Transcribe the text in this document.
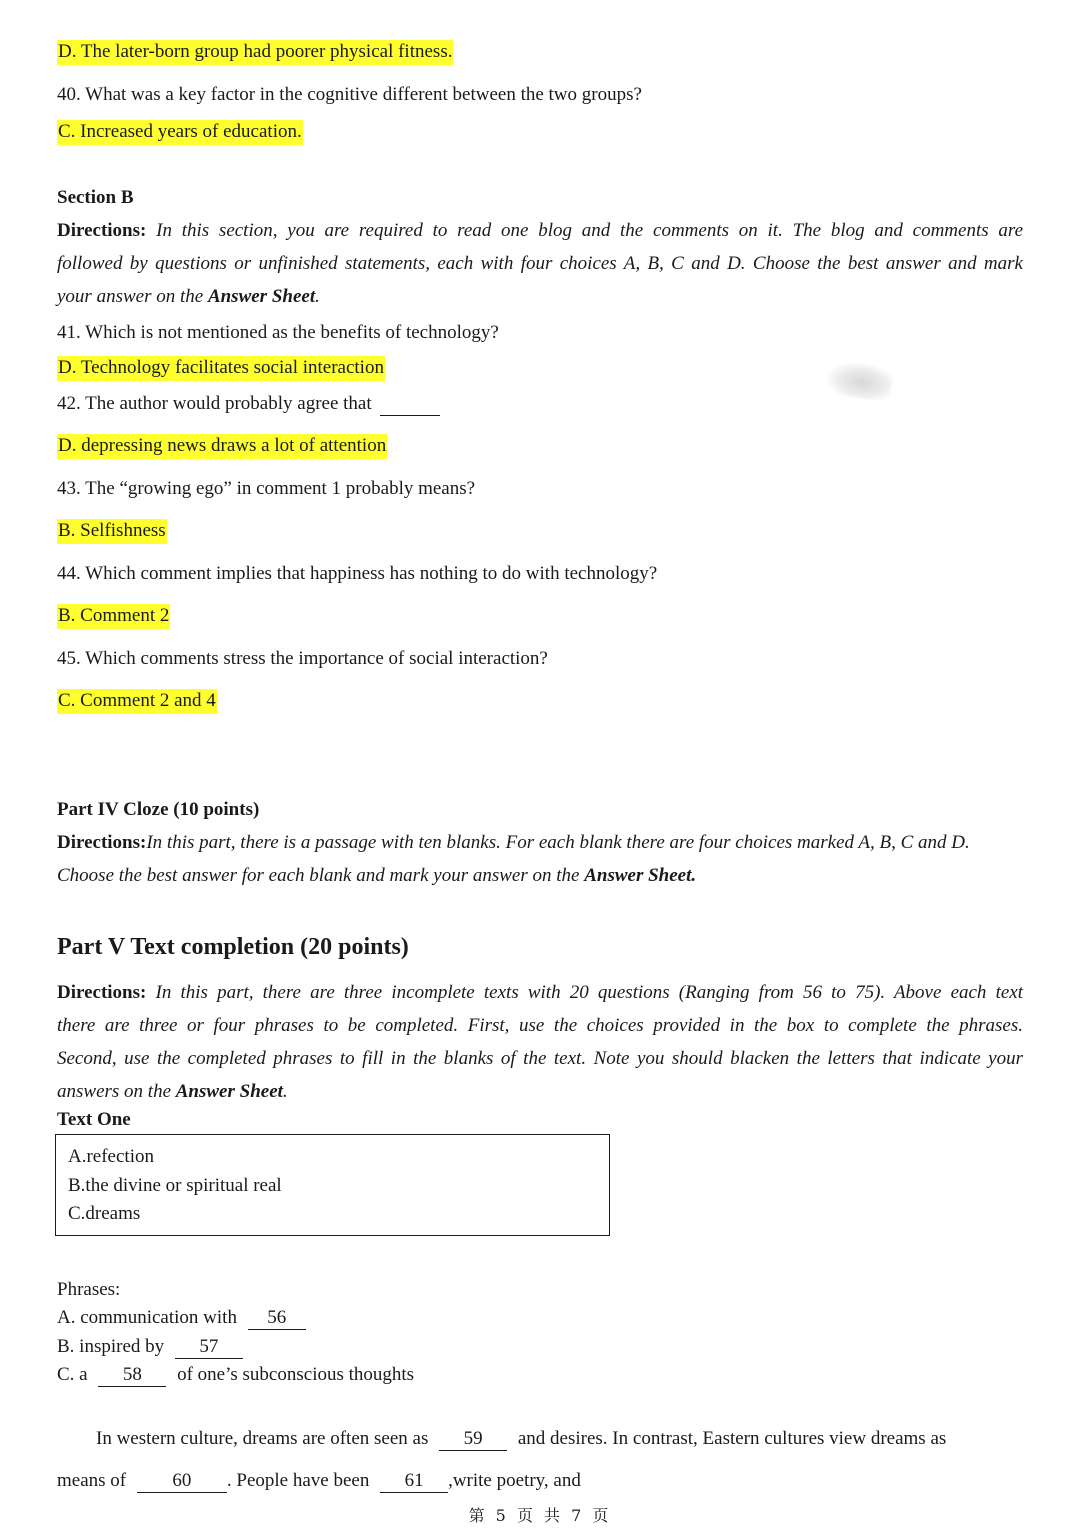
D. The later-born group had poorer physical fitness.
40. What was a key factor in the cognitive different between the two groups?
C. Increased years of education.
Section B
Directions: In this section, you are required to read one blog and the comments on it. The blog and comments are
followed by questions or unfinished statements, each with four choices A, B, C and D. Choose the best answer and mark
your answer on the Answer Sheet.
41. Which is not mentioned as the benefits of technology?
D. Technology facilitates social interaction
42. The author would probably agree that
D. depressing news draws a lot of attention
43. The “growing ego” in comment 1 probably means?
B. Selfishness
44. Which comment implies that happiness has nothing to do with technology?
B. Comment 2
45. Which comments stress the importance of social interaction?
C. Comment 2 and 4
Part IV Cloze (10 points)
Directions:In this part, there is a passage with ten blanks. For each blank there are four choices marked A, B, C and D.
Choose the best answer for each blank and mark your answer on the Answer Sheet.
Part V Text completion (20 points)
Directions: In this part, there are three incomplete texts with 20 questions (Ranging from 56 to 75). Above each text
there are three or four phrases to be completed. First, use the choices provided in the box to complete the phrases.
Second, use the completed phrases to fill in the blanks of the text. Note you should blacken the letters that indicate your
answers on the Answer Sheet.
Text One
A.refection
B.the divine or spiritual real
C.dreams
Phrases:
A. communication with 56
B. inspired by 57
C. a 58 of one’s subconscious thoughts
In western culture, dreams are often seen as 59 and desires. In contrast, Eastern cultures view dreams as
means of 60 . People have been 61 ,write poetry, and
第 5 页 共 7 页
